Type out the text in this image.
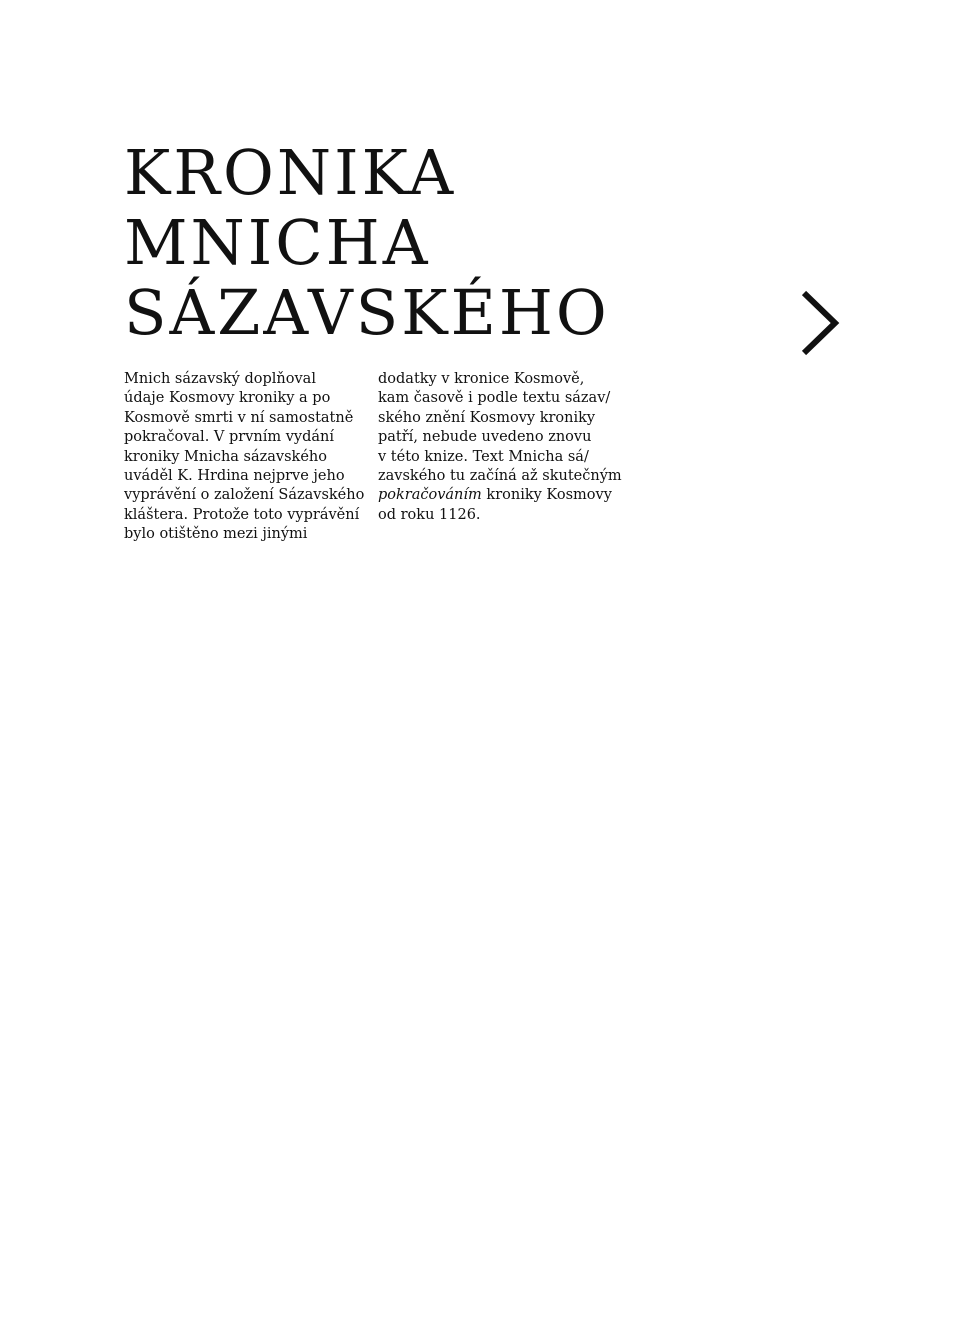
KRONIKA
MNICHA
SÁZAVSKÉHO
Mnich sázavský doplňoval
údaje Kosmovy kroniky a po
Kosmově smrti v ní samostatně
pokračoval. V prvním vydání
kroniky Mnicha sázavského
uváděl K. Hrdina nejprve jeho
vyprávění o založení Sázavského
kláštera. Protože toto vyprávění
bylo otištěno mezi jinými
dodatky v kronice Kosmově,
kam časově i podle textu sázav/
ského znění Kosmovy kroniky
patří, nebude uvedeno znovu
v této knize. Text Mnicha sá/
zavského tu začíná až skutečným
pokračováním kroniky Kosmovy
od roku 1126.
